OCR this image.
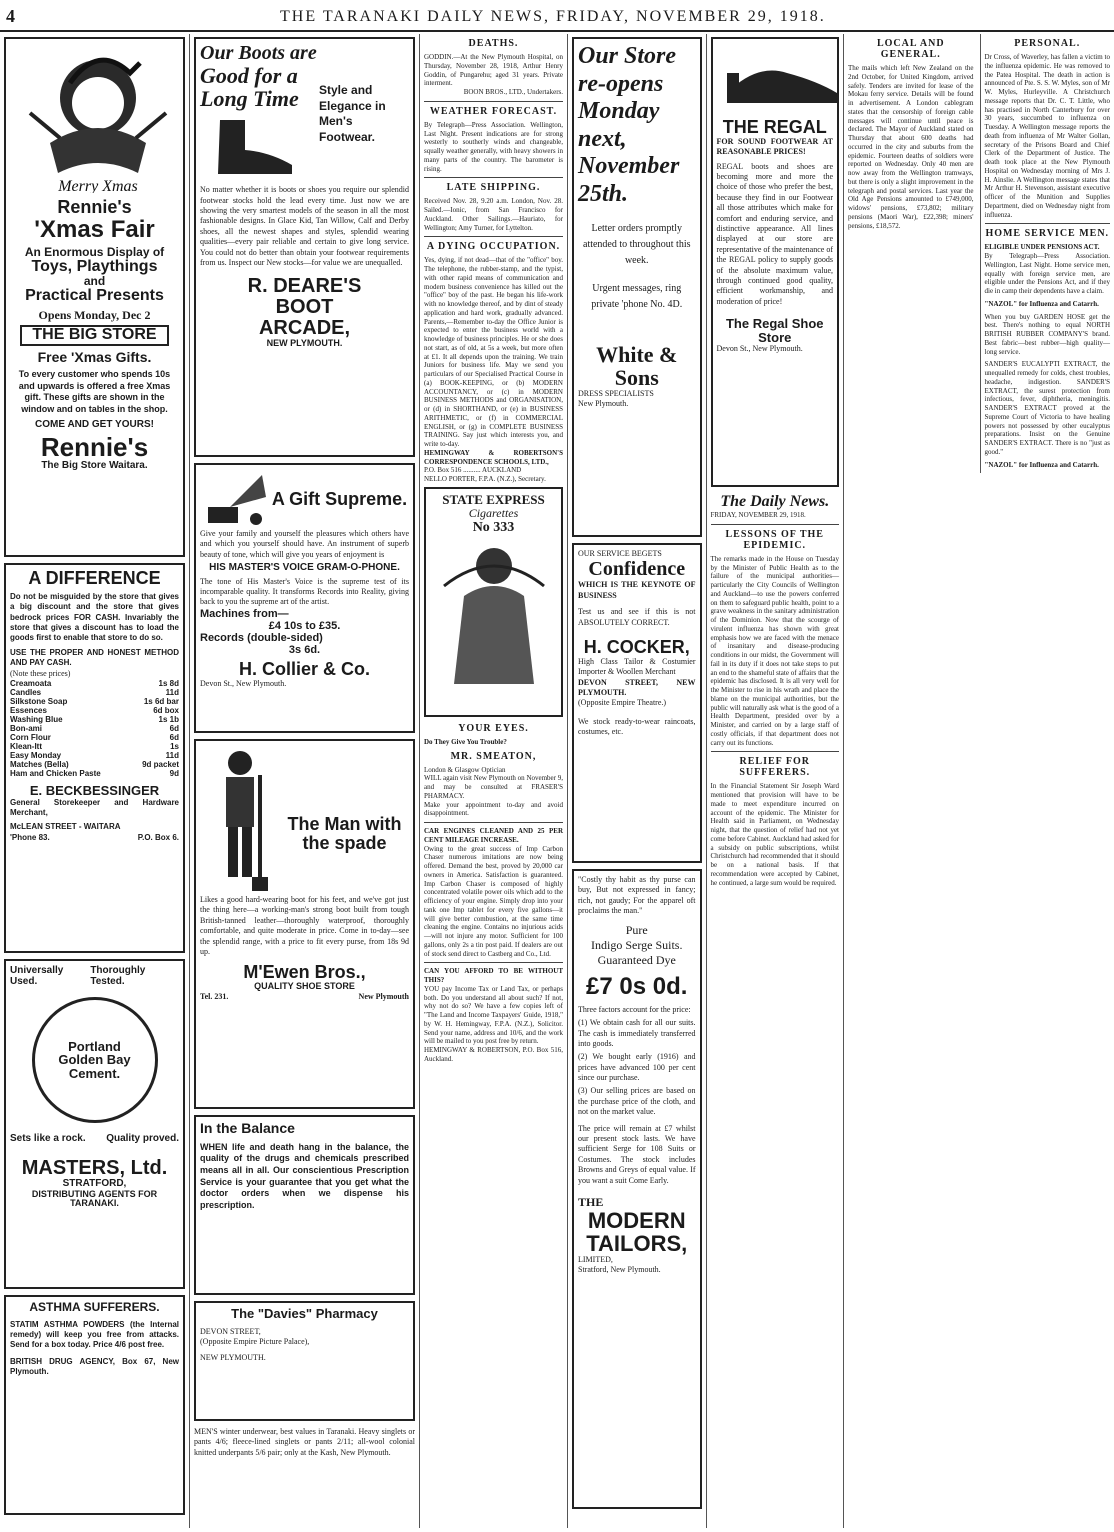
4	THE TARANAKI DAILY NEWS, FRIDAY, NOVEMBER 29, 1918.
Merry Xmas
Rennie's
'Xmas Fair
An Enormous Display of
Toys, Playthings
and
Practical Presents
Opens Monday, Dec 2
THE BIG STORE
Free 'Xmas Gifts.
To every customer who spends 10s and upwards is offered a free Xmas gift. These gifts are shown in the window and on tables in the shop.
COME AND GET YOURS!
Rennie's
The Big Store Waitara.
A DIFFERENCE
Do not be misguided by the store that gives a big discount and the store that gives bedrock prices FOR CASH. Invariably the store that gives a discount has to load the goods first to enable that store to do so.
USE THE PROPER AND HONEST METHOD AND PAY CASH.
(Note these prices)
Creamoata	1s 8d
Candles	11d
Silkstone Soap	1s 6d bar
Essences	6d box
Washing Blue	1s 1b
Bon-ami	6d
Corn Flour	6d
Klean-Itt	1s
Easy Monday	11d
Matches (Bella)	9d packet
Ham and Chicken Paste	9d
E. BECKBESSINGER
General Storekeeper and Hardware Merchant,
McLEAN STREET - WAITARA
'Phone 83.	P.O. Box 6.
Universally Used.
Thoroughly Tested.
Portland
Golden Bay
Cement.
Sets like a rock. Quality proved.
MASTERS, Ltd.
STRATFORD,
DISTRIBUTING AGENTS FOR TARANAKI.
ASTHMA SUFFERERS.
STATIM ASTHMA POWDERS (the Internal remedy) will keep you free from attacks. Send for a box today. Price 4/6 post free.
BRITISH DRUG AGENCY, Box 67, New Plymouth.
Our Boots are
Good for a
Long Time	Style and Elegance in Men's Footwear.
No matter whether it is boots or shoes you require our splendid footwear stocks hold the lead every time. Just now we are showing the very smartest models of the season in all the most fashionable designs. In Glace Kid, Tan Willow, Calf and Derby shoes, all the newest shapes and styles, splendid wearing qualities—every pair reliable and certain to give long service. You could not do better than obtain your footwear requirements from us. Inspect our New stocks—for value we are unequalled.
R. DEARE'S
BOOT
ARCADE,
NEW PLYMOUTH.
A Gift Supreme.
Give your family and yourself the pleasures which others have and which you yourself should have. An instrument of superb beauty of tone, which will give you years of enjoyment is
HIS MASTER'S VOICE GRAM-O-PHONE.
The tone of His Master's Voice is the supreme test of its incomparable quality. It transforms Records into Reality, giving back to you the supreme art of the artist.
Machines from—
£4 10s to £35.
Records (double-sided)
3s 6d.
H. Collier & Co.
Devon St., New Plymouth.
The Man with
the spade
Likes a good hard-wearing boot for his feet, and we've got just the thing here—a working-man's strong boot built from tough British-tanned leather—thoroughly waterproof, thoroughly comfortable, and quite moderate in price. Come in to-day—see the splendid range, with a price to fit every purse, from 18s 9d up.
M'Ewen Bros.,
QUALITY SHOE STORE
Tel. 231.	New Plymouth
In the Balance
WHEN life and death hang in the balance, the quality of the drugs and chemicals prescribed means all in all. Our conscientious Prescription Service is your guarantee that you get what the doctor orders when we dispense his prescription.
The "Davies" Pharmacy
DEVON STREET,
(Opposite Empire Picture Palace),
NEW PLYMOUTH.
MEN'S winter underwear, best values in Taranaki. Heavy singlets or pants 4/6; fleece-lined singlets or pants 2/11; all-wool colonial knitted underpants 5/6 pair; only at the Kash, New Plymouth.
DEATHS.
GODDIN.—At the New Plymouth Hospital, on Thursday, November 28, 1918, Arthur Henry Goddin, of Pungarehu; aged 31 years. Private interment.
BOON BROS., LTD., Undertakers.
WEATHER FORECAST.
By Telegraph—Press Association. Wellington, Last Night. Present indications are for strong westerly to southerly winds and changeable, squally weather generally, with heavy showers in many parts of the country. The barometer is rising.
LATE SHIPPING.
Received Nov. 28, 9.20 a.m. London, Nov. 28. Sailed.—Ionic, from San Francisco for Auckland. Other Sailings.—Hauriato, for Wellington; Amy Turner, for Lyttelton.
A DYING OCCUPATION.
Yes, dying, if not dead—that of the "office" boy. The telephone, the rubber-stamp, and the typist, with other rapid means of communication and modern business convenience has killed out the "office" boy of the past. He began his life-work with no knowledge thereof, and by dint of steady application and hard work, gradually advanced. Parents,—Remember to-day the Office Junior is expected to enter the business world with a knowledge of business principles. He or she does not start, as of old, at 5s a week, but more often at £1. It all depends upon the training. We train Juniors for business life. May we send you particulars of our Specialised Practical Course in (a) BOOK-KEEPING, or (b) MODERN ACCOUNTANCY, or (c) in MODERN BUSINESS METHODS and ORGANISATION, or (d) in SHORTHAND, or (e) in BUSINESS ARITHMETIC, or (f) in COMMERCIAL ENGLISH, or (g) in COMPLETE BUSINESS TRAINING. Say just which interests you, and write to-day.
HEMINGWAY & ROBERTSON'S CORRESPONDENCE SCHOOLS, LTD.,
P.O. Box 516 .......... AUCKLAND
NELLO PORTER, F.P.A. (N.Z.), Secretary.
STATE EXPRESS
Cigarettes
No 333
YOUR EYES.
Do They Give You Trouble?
MR. SMEATON,
London & Glasgow Optician
WILL again visit New Plymouth on November 9, and may be consulted at FRASER'S PHARMACY.
Make your appointment to-day and avoid disappointment.
CAR ENGINES CLEANED AND 25 PER CENT MILEAGE INCREASE.
Owing to the great success of Imp Carbon Chaser numerous imitations are now being offered. Demand the best, proved by 20,000 car owners in America. Satisfaction is guaranteed. Imp Carbon Chaser is composed of highly concentrated volatile power oils which add to the efficiency of your engine. Simply drop into your tank one Imp tablet for every five gallons—it will give better combustion, at the same time cleaning the engine. Contains no injurious acids—will not injure any motor. Sufficient for 100 gallons, only 2s a tin post paid. If dealers are out of stock send direct to Castberg and Co., Ltd.
CAN YOU AFFORD TO BE WITHOUT THIS?
YOU pay Income Tax or Land Tax, or perhaps both. Do you understand all about such? If not, why not do so? We have a few copies left of "The Land and Income Taxpayers' Guide, 1918," by W. H. Hemingway, F.P.A. (N.Z.), Solicitor. Send your name, address and 10/6, and the work will be mailed to you post free by return.
HEMINGWAY & ROBERTSON, P.O. Box 516, Auckland.
Our Store
re-opens
Monday
next,
November
25th.
Letter orders promptly attended to throughout this week.
Urgent messages, ring private 'phone No. 4D.
White & Sons
DRESS SPECIALISTS
New Plymouth.
OUR SERVICE BEGETS
Confidence
WHICH IS THE KEYNOTE OF BUSINESS
Test us and see if this is not ABSOLUTELY CORRECT.
H. COCKER,
High Class Tailor & Costumier Importer & Woollen Merchant
DEVON STREET, NEW PLYMOUTH.
(Opposite Empire Theatre.)
We stock ready-to-wear raincoats, costumes, etc.
"Costly thy habit as thy purse can buy, But not expressed in fancy; rich, not gaudy; For the apparel oft proclaims the man."
Pure
Indigo Serge Suits.
Guaranteed Dye
£7 0s 0d.
Three factors account for the price:
(1) We obtain cash for all our suits. The cash is immediately transferred into goods.
(2) We bought early (1916) and prices have advanced 100 per cent since our purchase.
(3) Our selling prices are based on the purchase price of the cloth, and not on the market value.
The price will remain at £7 whilst our present stock lasts. We have sufficient Serge for 108 Suits or Costumes. The stock includes Browns and Greys of equal value. If you want a suit Come Early.
THE
MODERN
TAILORS,
LIMITED,
Stratford, New Plymouth.
THE REGAL
FOR SOUND FOOTWEAR AT REASONABLE PRICES!
REGAL boots and shoes are becoming more and more the choice of those who prefer the best, because they find in our Footwear all those attributes which make for comfort and enduring service, and distinctive appearance. All lines displayed at our store are representative of the maintenance of the REGAL policy to supply goods of the absolute maximum value, through continued good quality, efficient workmanship, and moderation of price!
The Regal Shoe Store
Devon St., New Plymouth.
The Daily News.
FRIDAY, NOVEMBER 29, 1918.
LESSONS OF THE EPIDEMIC.
The remarks made in the House on Tuesday by the Minister of Public Health as to the failure of the municipal authorities—particularly the City Councils of Wellington and Auckland—to use the powers conferred on them to safeguard public health, point to a grave weakness in the sanitary administration of the Dominion. Now that the scourge of virulent influenza has shown with great emphasis how we are faced with the menace of insanitary and disease-producing conditions in our midst, the Government will fail in its duty if it does not take steps to put an end to the shameful state of affairs that the epidemic has disclosed. It is all very well for the Minister to rise in his wrath and place the blame on the municipal authorities, but the public will naturally ask what is the good of a Health Department, presided over by a Minister, and carried on by a large staff of costly officials, if that department does not carry out its functions.
RELIEF FOR SUFFERERS.
In the Financial Statement Sir Joseph Ward mentioned that provision will have to be made to meet expenditure incurred on account of the epidemic. The Minister for Health said in Parliament, on Wednesday night, that the question of relief had not yet come before Cabinet. Auckland had asked for a subsidy on public subscriptions, whilst Christchurch had recommended that it should be on a national basis. If that recommendation were accepted by Cabinet, he continued, a large sum would be required.
LOCAL AND GENERAL.
The mails which left New Zealand on the 2nd October, for United Kingdom, arrived safely. Tenders are invited for lease of the Mokau ferry service. Details will be found in advertisement. A London cablegram states that the censorship of foreign cable messages will continue until peace is declared. The Mayor of Auckland stated on Thursday that about 600 deaths had occurred in the city and suburbs from the epidemic. Fourteen deaths of soldiers were reported on Wednesday. Only 40 men are now away from the Wellington tramways, but there is only a slight improvement in the telegraph and postal services. Last year the Old Age Pensions amounted to £749,000, widows' pensions, £73,802; military pensions (Maori War), £22,398; miners' pensions, £18,572.
PERSONAL.
Dr Cross, of Waverley, has fallen a victim to the influenza epidemic. He was removed to the Patea Hospital. The death in action is announced of Pte. S. S. W. Myles, son of Mr W. Myles, Hurleyville. A Christchurch message reports that Dr. C. T. Little, who has practised in North Canterbury for over 30 years, succumbed to influenza on Tuesday. A Wellington message reports the death from influenza of Mr Walter Gollan, secretary of the Prisons Board and Chief Clerk of the Department of Justice. The death took place at the New Plymouth Hospital on Wednesday morning of Mrs J. H. Ainslie. A Wellington message states that Mr Arthur H. Stevenson, assistant executive officer of the Munition and Supplies Department, died on Wednesday night from influenza.
HOME SERVICE MEN.
ELIGIBLE UNDER PENSIONS ACT.
By Telegraph—Press Association. Wellington, Last Night. Home service men, equally with foreign service men, are eligible under the Pensions Act, and if they die in camp their dependents have a claim.
"NAZOL" for Influenza and Catarrh.
When you buy GARDEN HOSE get the best. There's nothing to equal NORTH BRITISH RUBBER COMPANY'S brand. Best fabric—best rubber—high quality—long service.
SANDER'S EUCALYPTI EXTRACT, the unequalled remedy for colds, chest troubles, headache, indigestion. SANDER'S EXTRACT, the surest protection from infectious, fever, diphtheria, meningitis. SANDER'S EXTRACT proved at the Supreme Court of Victoria to have healing powers not possessed by other eucalyptus preparations. Insist on the Genuine SANDER'S EXTRACT. There is no "just as good."
"NAZOL" for Influenza and Catarrh.
